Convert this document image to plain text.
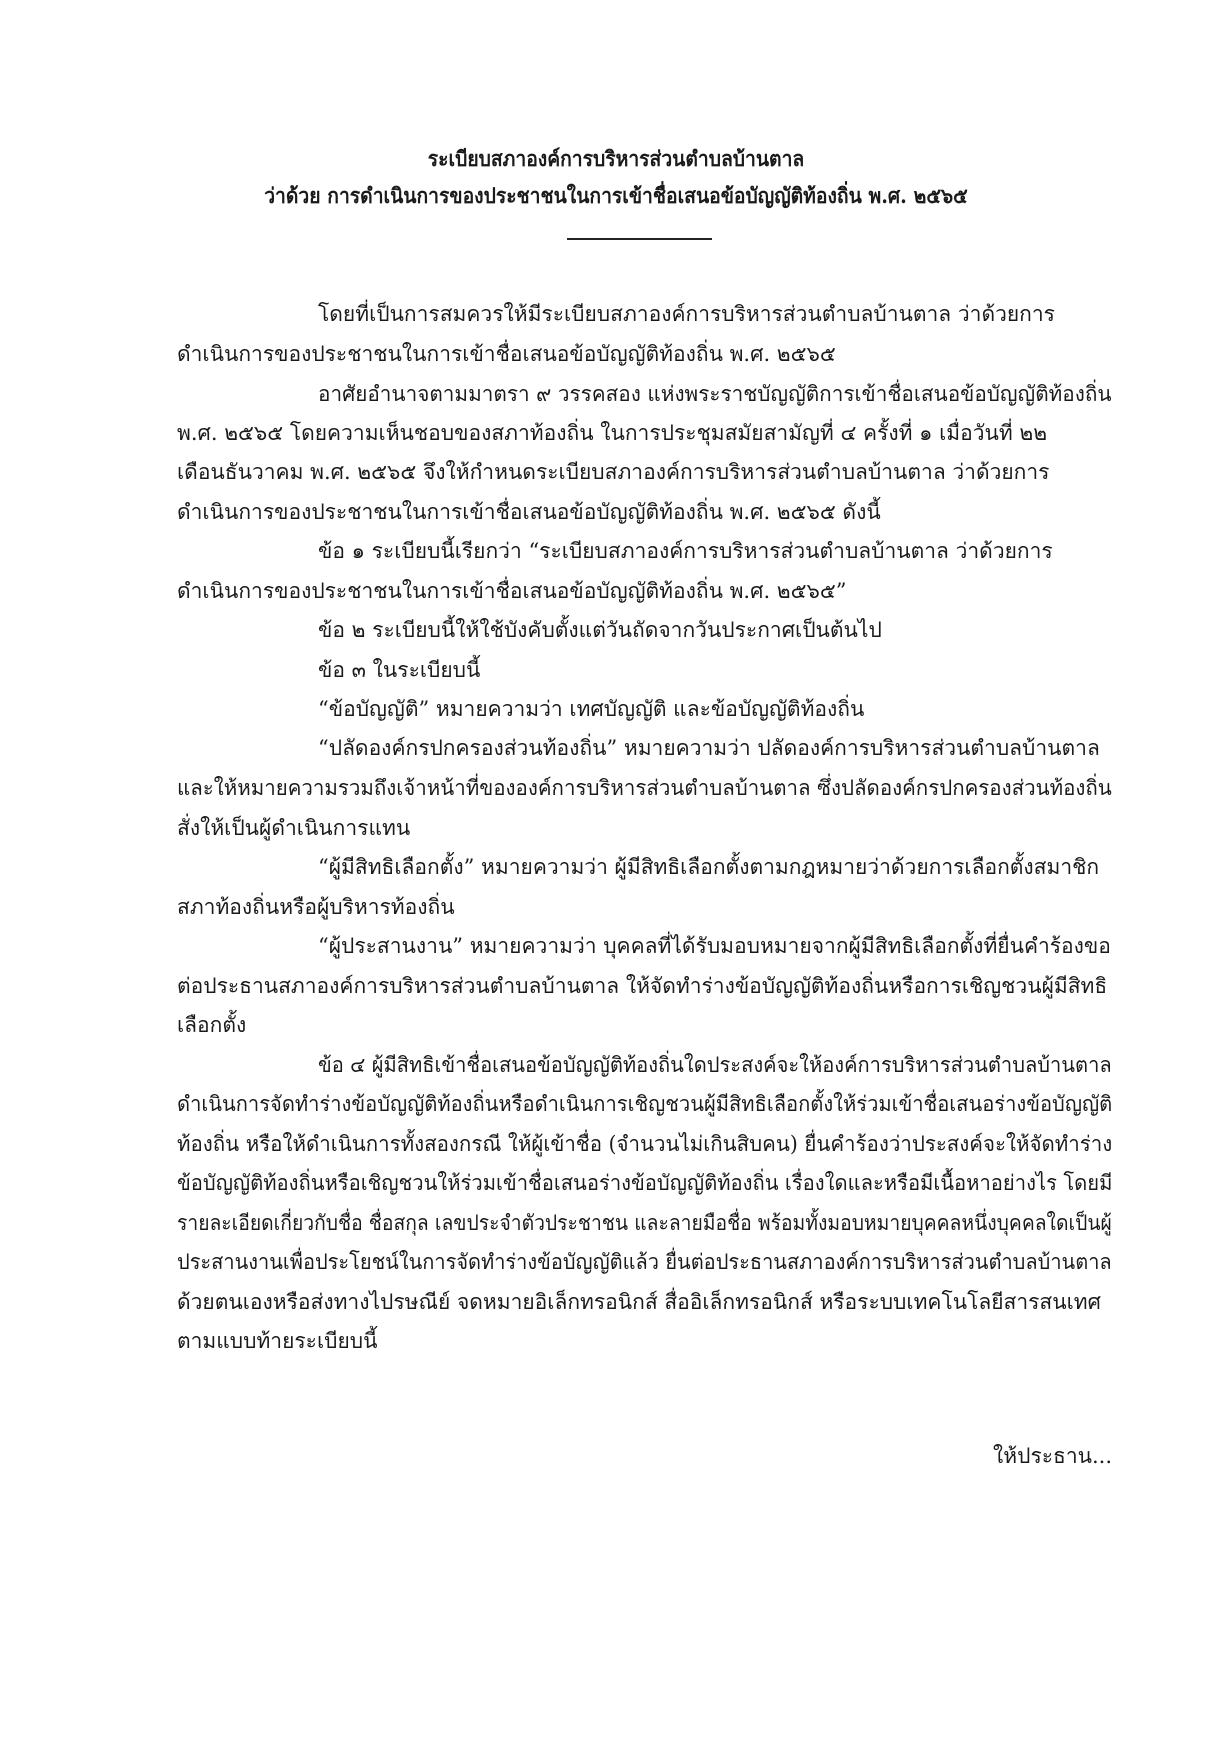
ระเบียบสภาองค์การบริหารส่วนตำบลบ้านตาล
ว่าด้วย การดำเนินการของประชาชนในการเข้าชื่อเสนอข้อบัญญัติท้องถิ่น พ.ศ. ๒๕๖๕
โดยที่เป็นการสมควรให้มีระเบียบสภาองค์การบริหารส่วนตำบลบ้านตาล ว่าด้วยการ
ดำเนินการของประชาชนในการเข้าชื่อเสนอข้อบัญญัติท้องถิ่น พ.ศ. ๒๕๖๕
อาศัยอำนาจตามมาตรา ๙ วรรคสอง แห่งพระราชบัญญัติการเข้าชื่อเสนอข้อบัญญัติท้องถิ่น
พ.ศ. ๒๕๖๕ โดยความเห็นชอบของสภาท้องถิ่น ในการประชุมสมัยสามัญที่ ๔ ครั้งที่ ๑ เมื่อวันที่ ๒๒
เดือนธันวาคม พ.ศ. ๒๕๖๕ จึงให้กำหนดระเบียบสภาองค์การบริหารส่วนตำบลบ้านตาล ว่าด้วยการ
ดำเนินการของประชาชนในการเข้าชื่อเสนอข้อบัญญัติท้องถิ่น พ.ศ. ๒๕๖๕ ดังนี้
ข้อ ๑ ระเบียบนี้เรียกว่า “ระเบียบสภาองค์การบริหารส่วนตำบลบ้านตาล ว่าด้วยการ
ดำเนินการของประชาชนในการเข้าชื่อเสนอข้อบัญญัติท้องถิ่น พ.ศ. ๒๕๖๕”
ข้อ ๒ ระเบียบนี้ให้ใช้บังคับตั้งแต่วันถัดจากวันประกาศเป็นต้นไป
ข้อ ๓ ในระเบียบนี้
“ข้อบัญญัติ” หมายความว่า เทศบัญญัติ และข้อบัญญัติท้องถิ่น
“ปลัดองค์กรปกครองส่วนท้องถิ่น” หมายความว่า ปลัดองค์การบริหารส่วนตำบลบ้านตาล
และให้หมายความรวมถึงเจ้าหน้าที่ขององค์การบริหารส่วนตำบลบ้านตาล ซึ่งปลัดองค์กรปกครองส่วนท้องถิ่น
สั่งให้เป็นผู้ดำเนินการแทน
“ผู้มีสิทธิเลือกตั้ง” หมายความว่า ผู้มีสิทธิเลือกตั้งตามกฎหมายว่าด้วยการเลือกตั้งสมาชิก
สภาท้องถิ่นหรือผู้บริหารท้องถิ่น
“ผู้ประสานงาน” หมายความว่า บุคคลที่ได้รับมอบหมายจากผู้มีสิทธิเลือกตั้งที่ยื่นคำร้องขอ
ต่อประธานสภาองค์การบริหารส่วนตำบลบ้านตาล ให้จัดทำร่างข้อบัญญัติท้องถิ่นหรือการเชิญชวนผู้มีสิทธิ
เลือกตั้ง
ข้อ ๔ ผู้มีสิทธิเข้าชื่อเสนอข้อบัญญัติท้องถิ่นใดประสงค์จะให้องค์การบริหารส่วนตำบลบ้านตาล
ดำเนินการจัดทำร่างข้อบัญญัติท้องถิ่นหรือดำเนินการเชิญชวนผู้มีสิทธิเลือกตั้งให้ร่วมเข้าชื่อเสนอร่างข้อบัญญัติ
ท้องถิ่น หรือให้ดำเนินการทั้งสองกรณี ให้ผู้เข้าชื่อ (จำนวนไม่เกินสิบคน) ยื่นคำร้องว่าประสงค์จะให้จัดทำร่าง
ข้อบัญญัติท้องถิ่นหรือเชิญชวนให้ร่วมเข้าชื่อเสนอร่างข้อบัญญัติท้องถิ่น เรื่องใดและหรือมีเนื้อหาอย่างไร โดยมี
รายละเอียดเกี่ยวกับชื่อ ชื่อสกุล เลขประจำตัวประชาชน และลายมือชื่อ พร้อมทั้งมอบหมายบุคคลหนึ่งบุคคลใดเป็นผู้
ประสานงานเพื่อประโยชน์ในการจัดทำร่างข้อบัญญัติแล้ว ยื่นต่อประธานสภาองค์การบริหารส่วนตำบลบ้านตาล
ด้วยตนเองหรือส่งทางไปรษณีย์ จดหมายอิเล็กทรอนิกส์ สื่ออิเล็กทรอนิกส์ หรือระบบเทคโนโลยีสารสนเทศ
ตามแบบท้ายระเบียบนี้
ให้ประธาน...
